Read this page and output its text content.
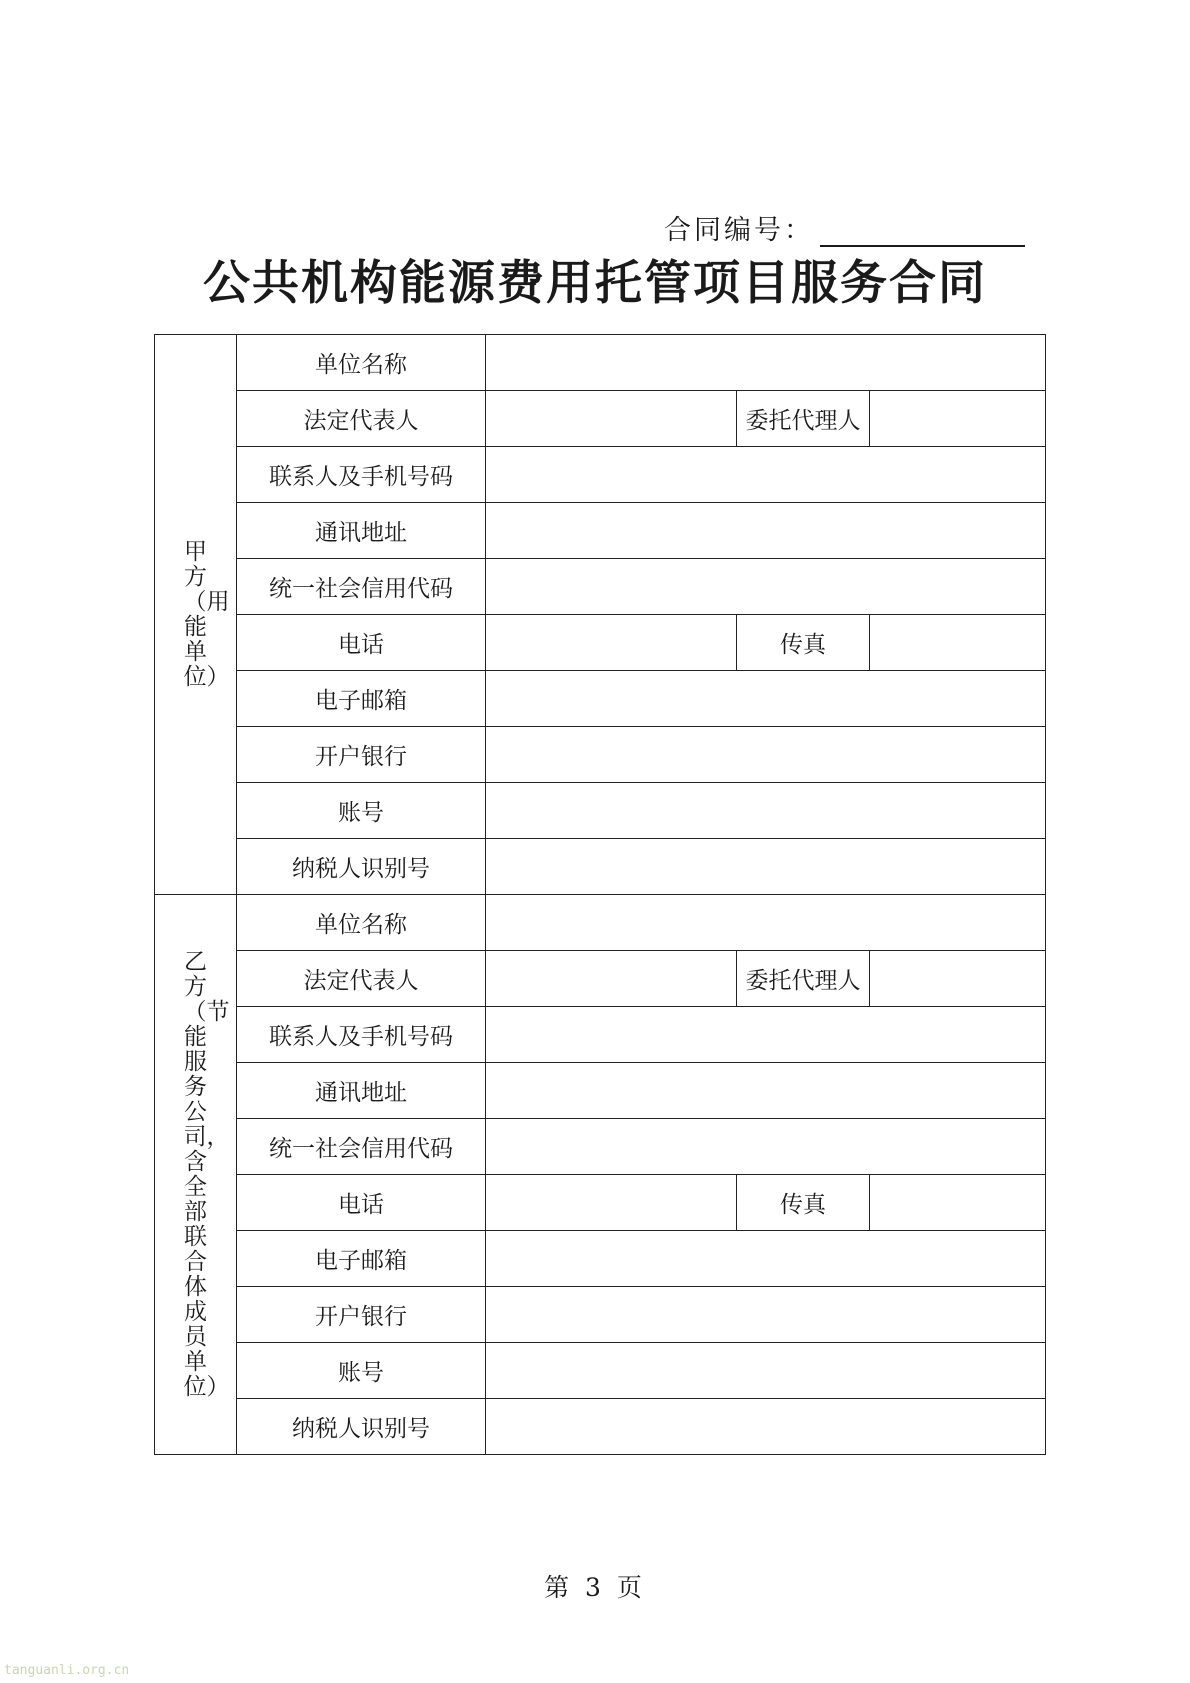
合同编号：
公共机构能源费用托管项目服务合同
甲方（用能单位）	单位名称			
	法定代表人		委托代理人	
	联系人及手机号码			
	通讯地址			
	统一社会信用代码			
	电话		传真	
	电子邮箱			
	开户银行			
	账号			
	纳税人识别号			
乙方（节能服务公司，含全部联合体成员单位）	单位名称			
	法定代表人		委托代理人	
	联系人及手机号码			
	通讯地址			
	统一社会信用代码			
	电话		传真	
	电子邮箱			
	开户银行			
	账号			
	纳税人识别号			
第 3 页
tanguanli.org.cn
